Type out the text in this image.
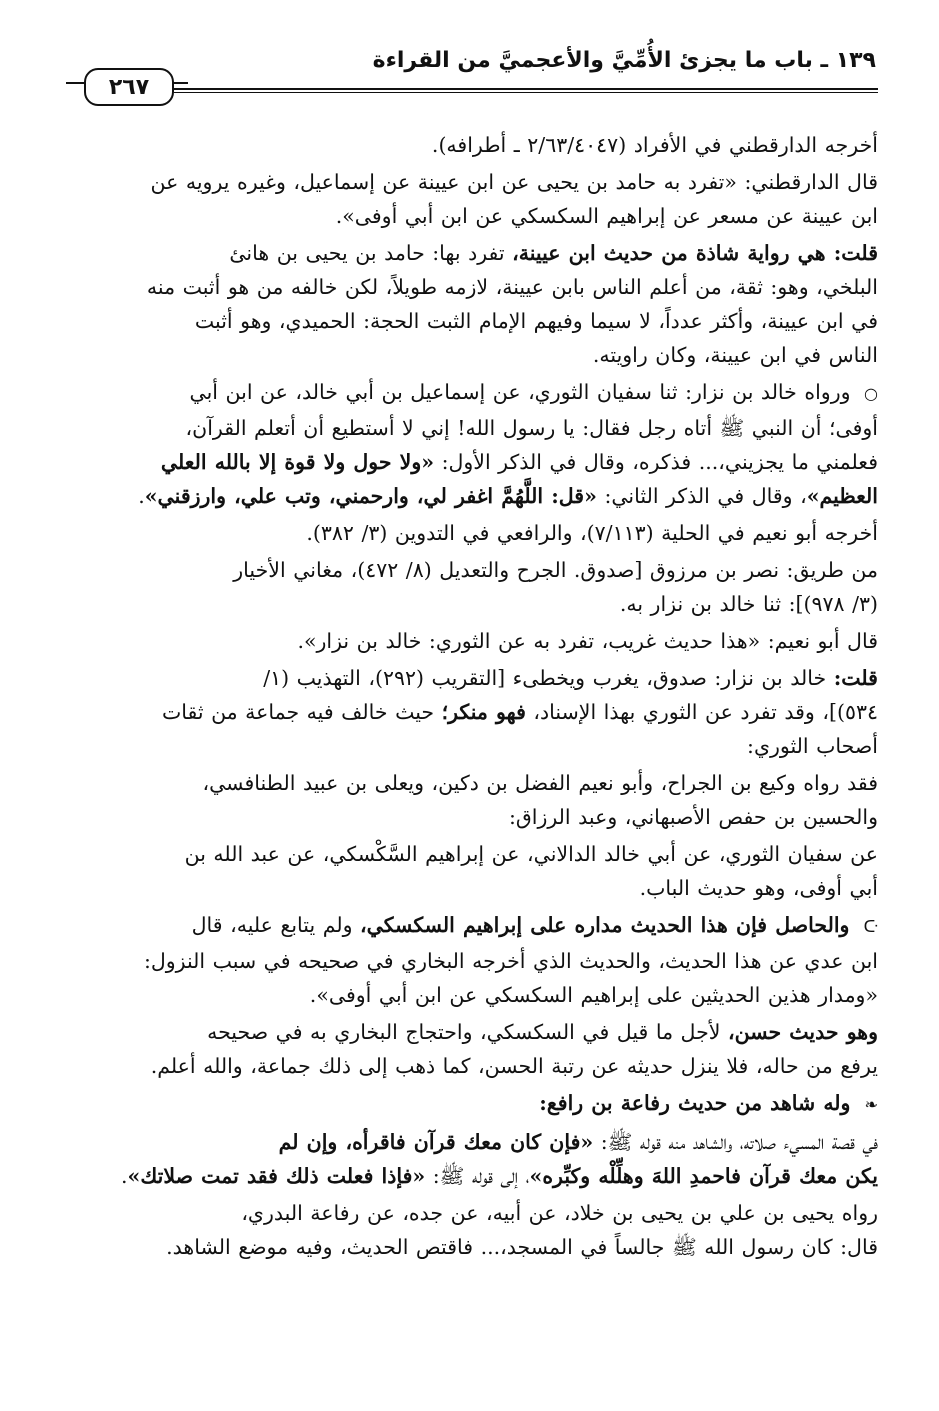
١٣٩ ـ باب ما يجزئ الأُمِّيَّ والأعجميَّ من القراءة
٢٦٧

أخرجه الدارقطني في الأفراد (٢/٦٣/٤٠٤٧ ـ أطرافه).

قال الدارقطني: «تفرد به حامد بن يحيى عن ابن عيينة عن إسماعيل، وغيره يرويه عن
ابن عيينة عن مسعر عن إبراهيم السكسكي عن ابن أبي أوفى».

قلت: هي رواية شاذة من حديث ابن عيينة، تفرد بها: حامد بن يحيى بن هانئ
البلخي، وهو: ثقة، من أعلم الناس بابن عيينة، لازمه طويلاً، لكن خالفه من هو أثبت منه
في ابن عيينة، وأكثر عدداً، لا سيما وفيهم الإمام الثبت الحجة: الحميدي، وهو أثبت
الناس في ابن عيينة، وكان راويته.

○ ورواه خالد بن نزار: ثنا سفيان الثوري، عن إسماعيل بن أبي خالد، عن ابن أبي
أوفى؛ أن النبي ﷺ أتاه رجل فقال: يا رسول الله! إني لا أستطيع أن أتعلم القرآن،
فعلمني ما يجزيني،... فذكره، وقال في الذكر الأول: «ولا حول ولا قوة إلا بالله العلي
العظيم»، وقال في الذكر الثاني: «قل: اللَّهُمَّ اغفر لي، وارحمني، وتب علي، وارزقني».

أخرجه أبو نعيم في الحلية (٧/١١٣)، والرافعي في التدوين (٣/ ٣٨٢).

من طريق: نصر بن مرزوق [صدوق. الجرح والتعديل (٨/ ٤٧٢)، مغاني الأخيار
(٣/ ٩٧٨)]: ثنا خالد بن نزار به.

قال أبو نعيم: «هذا حديث غريب، تفرد به عن الثوري: خالد بن نزار».

قلت: خالد بن نزار: صدوق، يغرب ويخطىء [التقريب (٢٩٢)، التهذيب (١/
٥٣٤)]، وقد تفرد عن الثوري بهذا الإسناد، فهو منكر؛ حيث خالف فيه جماعة من ثقات
أصحاب الثوري:

فقد رواه وكيع بن الجراح، وأبو نعيم الفضل بن دكين، ويعلى بن عبيد الطنافسي،
والحسين بن حفص الأصبهاني، وعبد الرزاق:

عن سفيان الثوري، عن أبي خالد الدالاني، عن إبراهيم السَّكْسكي، عن عبد الله بن
أبي أوفى، وهو حديث الباب.

ᑢ والحاصل فإن هذا الحديث مداره على إبراهيم السكسكي، ولم يتابع عليه، قال
ابن عدي عن هذا الحديث، والحديث الذي أخرجه البخاري في صحيحه في سبب النزول:
«ومدار هذين الحديثين على إبراهيم السكسكي عن ابن أبي أوفى».

وهو حديث حسن، لأجل ما قيل في السكسكي، واحتجاج البخاري به في صحيحه
يرفع من حاله، فلا ينزل حديثه عن رتبة الحسن، كما ذهب إلى ذلك جماعة، والله أعلم.

❧ وله شاهد من حديث رفاعة بن رافع:

في قصة المسيء صلاته، والشاهد منه قوله ﷺ: «فإن كان معك قرآن فاقرأه، وإن لم
يكن معك قرآن فاحمدِ اللهَ وهلِّلْه وكبِّره»، إلى قوله ﷺ: «فإذا فعلت ذلك فقد تمت صلاتك».

رواه يحيى بن علي بن يحيى بن خلاد، عن أبيه، عن جده، عن رفاعة البدري،
قال: كان رسول الله ﷺ جالساً في المسجد،... فاقتص الحديث، وفيه موضع الشاهد.
